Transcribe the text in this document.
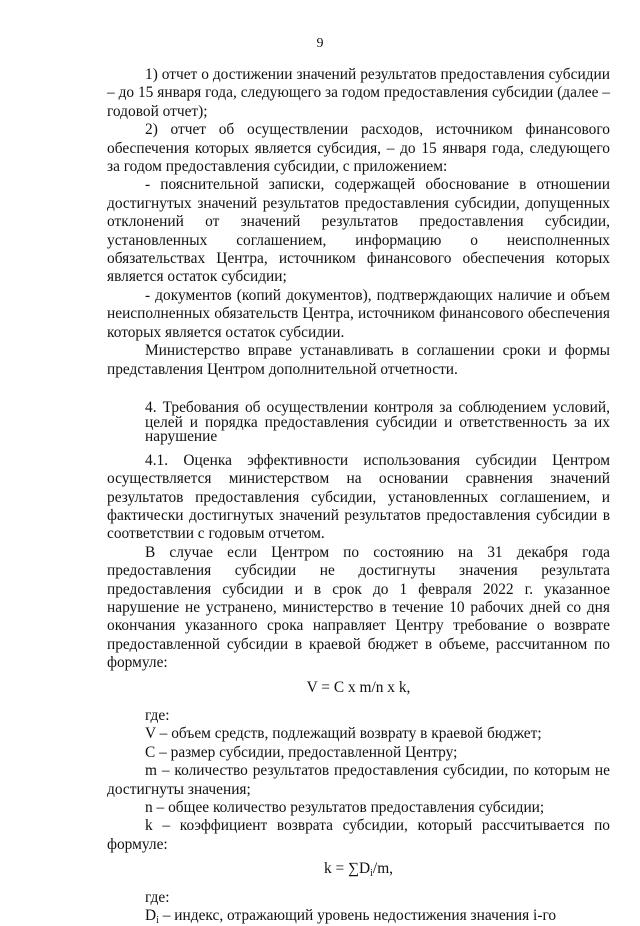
9

1) отчет о достижении значений результатов предоставления субсидии – до 15 января года, следующего за годом предоставления субсидии (далее – годовой отчет);

2) отчет об осуществлении расходов, источником финансового обеспечения которых является субсидия, – до 15 января года, следующего за годом предоставления субсидии, с приложением:

- пояснительной записки, содержащей обоснование в отношении достигнутых значений результатов предоставления субсидии, допущенных отклонений от значений результатов предоставления субсидии, установленных соглашением, информацию о неисполненных обязательствах Центра, источником финансового обеспечения которых является остаток субсидии;

- документов (копий документов), подтверждающих наличие и объем неисполненных обязательств Центра, источником финансового обеспечения которых является остаток субсидии.

Министерство вправе устанавливать в соглашении сроки и формы представления Центром дополнительной отчетности.

4. Требования об осуществлении контроля за соблюдением условий, целей и порядка предоставления субсидии и ответственность за их нарушение

4.1. Оценка эффективности использования субсидии Центром осуществляется министерством на основании сравнения значений результатов предоставления субсидии, установленных соглашением, и фактически достигнутых значений результатов предоставления субсидии в соответствии с годовым отчетом.

В случае если Центром по состоянию на 31 декабря года предоставления субсидии не достигнуты значения результата предоставления субсидии и в срок до 1 февраля 2022 г. указанное нарушение не устранено, министерство в течение 10 рабочих дней со дня окончания указанного срока направляет Центру требование о возврате предоставленной субсидии в краевой бюджет в объеме, рассчитанном по формуле:

V = C x m/n x k,

где:

V – объем средств, подлежащий возврату в краевой бюджет;

C – размер субсидии, предоставленной Центру;

m – количество результатов предоставления субсидии, по которым не достигнуты значения;

n – общее количество результатов предоставления субсидии;

k – коэффициент возврата субсидии, который рассчитывается по формуле:

$k = \sum D_i/m$,

где:

$D_i$ – индекс, отражающий уровень недостижения значения i-го
